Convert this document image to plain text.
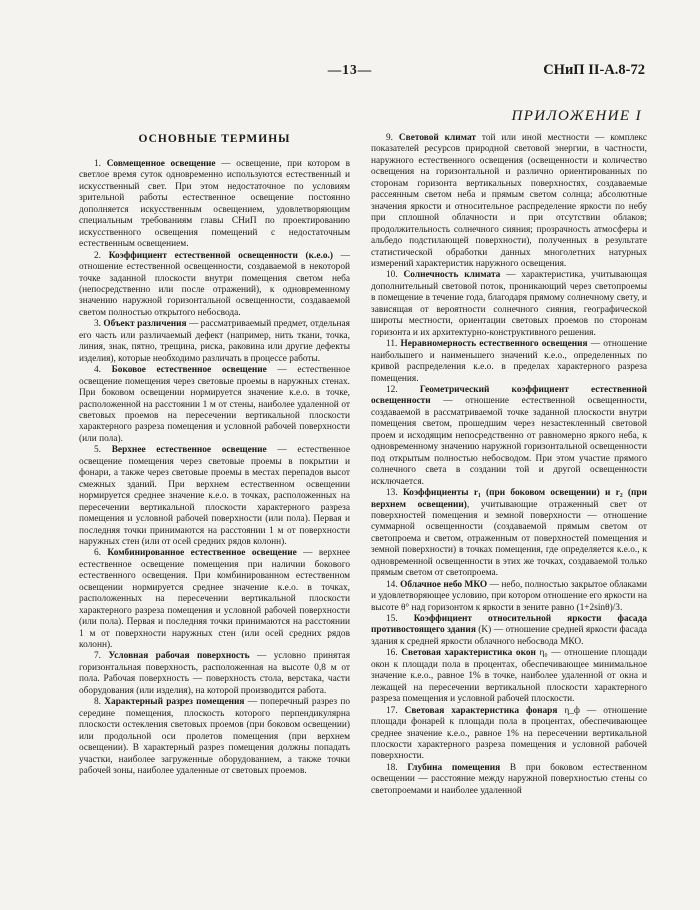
—13—	СНиП II-А.8-72
ПРИЛОЖЕНИЕ I
ОСНОВНЫЕ ТЕРМИНЫ

1. Совмещенное освещение — освещение, при котором в светлое время суток одновременно используются естественный и искусственный свет. При этом недостаточное по условиям зрительной работы естественное освещение постоянно дополняется искусственным освещением, удовлетворяющим специальным требованиям главы СНиП по проектированию искусственного освещения помещений с недостаточным естественным освещением.

2. Коэффициент естественной освещенности (к.е.о.) — отношение естественной освещенности, создаваемой в некоторой точке заданной плоскости внутри помещения светом неба (непосредственно или после отражений), к одновременному значению наружной горизонтальной освещенности, создаваемой светом полностью открытого небосвода.

3. Объект различения — рассматриваемый предмет, отдельная его часть или различаемый дефект (например, нить ткани, точка, линия, знак, пятно, трещина, риска, раковина или другие дефекты изделия), которые необходимо различать в процессе работы.

4. Боковое естественное освещение — естественное освещение помещения через световые проемы в наружных стенах. При боковом освещении нормируется значение к.е.о. в точке, расположенной на расстоянии 1 м от стены, наиболее удаленной от световых проемов на пересечении вертикальной плоскости характерного разреза помещения и условной рабочей поверхности (или пола).

5. Верхнее естественное освещение — естественное освещение помещения через световые проемы в покрытии и фонари, а также через световые проемы в местах перепадов высот смежных зданий. При верхнем естественном освещении нормируется среднее значение к.е.о. в точках, расположенных на пересечении вертикальной плоскости характерного разреза помещения и условной рабочей поверхности (или пола). Первая и последняя точки принимаются на расстоянии 1 м от поверхности наружных стен (или от осей средних рядов колонн).

6. Комбинированное естественное освещение — верхнее естественное освещение помещения при наличии бокового естественного освещения. При комбинированном естественном освещении нормируется среднее значение к.е.о. в точках, расположенных на пересечении вертикальной плоскости характерного разреза помещения и условной рабочей поверхности (или пола). Первая и последняя точки принимаются на расстоянии 1 м от поверхности наружных стен (или осей средних рядов колонн).

7. Условная рабочая поверхность — условно принятая горизонтальная поверхность, расположенная на высоте 0,8 м от пола. Рабочая поверхность — поверхность стола, верстака, части оборудования (или изделия), на которой производится работа.

8. Характерный разрез помещения — поперечный разрез по середине помещения, плоскость которого перпендикулярна плоскости остекления световых проемов (при боковом освещении) или продольной оси пролетов помещения (при верхнем освещении). В характерный разрез помещения должны попадать участки, наиболее загруженные оборудованием, а также точки рабочей зоны, наиболее удаленные от световых проемов.

9. Световой климат той или иной местности — комплекс показателей ресурсов природной световой энергии, в частности, наружного естественного освещения (освещенности и количество освещения на горизонтальной и различно ориентированных по сторонам горизонта вертикальных поверхностях, создаваемые рассеянным светом неба и прямым светом солнца; абсолютные значения яркости и относительное распределение яркости по небу при сплошной облачности и при отсутствии облаков; продолжительность солнечного сияния; прозрачность атмосферы и альбедо подстилающей поверхности), полученных в результате статистической обработки данных многолетних натурных измерений характеристик наружного освещения.

10. Солнечность климата — характеристика, учитывающая дополнительный световой поток, проникающий через светопроемы в помещение в течение года, благодаря прямому солнечному свету, и зависящая от вероятности солнечного сияния, географической широты местности, ориентации световых проемов по сторонам горизонта и их архитектурно-конструктивного решения.

11. Неравномерность естественного освещения — отношение наибольшего и наименьшего значений к.е.о., определенных по кривой распределения к.е.о. в пределах характерного разреза помещения.

12. Геометрический коэффициент естественной освещенности — отношение естественной освещенности, создаваемой в рассматриваемой точке заданной плоскости внутри помещения светом, прошедшим через незастекленный световой проем и исходящим непосредственно от равномерно яркого неба, к одновременному значению наружной горизонтальной освещенности под открытым полностью небосводом. При этом участие прямого солнечного света в создании той и другой освещенности исключается.

13. Коэффициенты r₁ (при боковом освещении) и r₂ (при верхнем освещении), учитывающие отраженный свет от поверхностей помещения и земной поверхности — отношение суммарной освещенности (создаваемой прямым светом от светопроема и светом, отраженным от поверхностей помещения и земной поверхности) в точках помещения, где определяется к.е.о., к одновременной освещенности в этих же точках, создаваемой только прямым светом от светопроема.

14. Облачное небо МКО — небо, полностью закрытое облаками и удовлетворяющее условию, при котором отношение его яркости на высоте θ° над горизонтом к яркости в зените равно (1+2sinθ)/3.

15. Коэффициент относительной яркости фасада противостоящего здания (K) — отношение средней яркости фасада здания к средней яркости облачного небосвода МКО.

16. Световая характеристика окон η₀ — отношение площади окон к площади пола в процентах, обеспечивающее минимальное значение к.е.о., равное 1% в точке, наиболее удаленной от окна и лежащей на пересечении вертикальной плоскости характерного разреза помещения и условной рабочей плоскости.

17. Световая характеристика фонаря η_ф — отношение площади фонарей к площади пола в процентах, обеспечивающее среднее значение к.е.о., равное 1% на пересечении вертикальной плоскости характерного разреза помещения и условной рабочей поверхности.

18. Глубина помещения B при боковом естественном освещении — расстояние между наружной поверхностью стены со светопроемами и наиболее удаленной
